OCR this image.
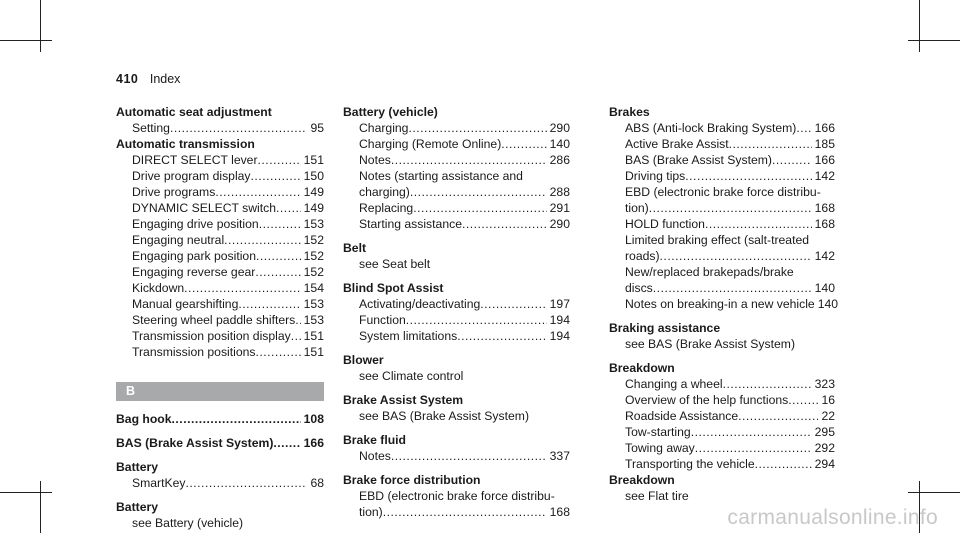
410 Index
Automatic seat adjustment
Setting .....	95
Automatic transmission
DIRECT SELECT lever .....	151
Drive program display .....	150
Drive programs .....	149
DYNAMIC SELECT switch ..... 149
Engaging drive position .....	153
Engaging neutral .....	152
Engaging park position .....	152
Engaging reverse gear .....	152
Kickdown .....	154
Manual gearshifting .....	153
Steering wheel paddle shifters ..... 153
Transmission position display ..... 151
Transmission positions .....	151
B
Bag hook .....	108
BAS (Brake Assist System) ..... 166
Battery
SmartKey .....	68
Battery
see Battery (vehicle)
Battery (vehicle)
Charging .....	290
Charging (Remote Online) .....	140
Notes .....	286
Notes (starting assistance and
charging) .....	288
Replacing .....	291
Starting assistance .....	290
Belt
see Seat belt
Blind Spot Assist
Activating/deactivating .....	197
Function .....	194
System limitations .....	194
Blower
see Climate control
Brake Assist System
see BAS (Brake Assist System)
Brake fluid
Notes .....	337
Brake force distribution
EBD (electronic brake force distribu-
tion) .....	168
Brakes
ABS (Anti-lock Braking System) ..... 166
Active Brake Assist .....	185
BAS (Brake Assist System) .....	166
Driving tips .....	142
EBD (electronic brake force distribu-
tion) .....	168
HOLD function .....	168
Limited braking effect (salt-treated
roads) .....	142
New/replaced brakepads/brake
discs .....	140
Notes on breaking-in a new vehicle 140
Braking assistance
see BAS (Brake Assist System)
Breakdown
Changing a wheel .....	323
Overview of the help functions .....	16
Roadside Assistance .....	22
Tow-starting .....	295
Towing away .....	292
Transporting the vehicle .....	294
Breakdown
see Flat tire
carmanualsonline.info
